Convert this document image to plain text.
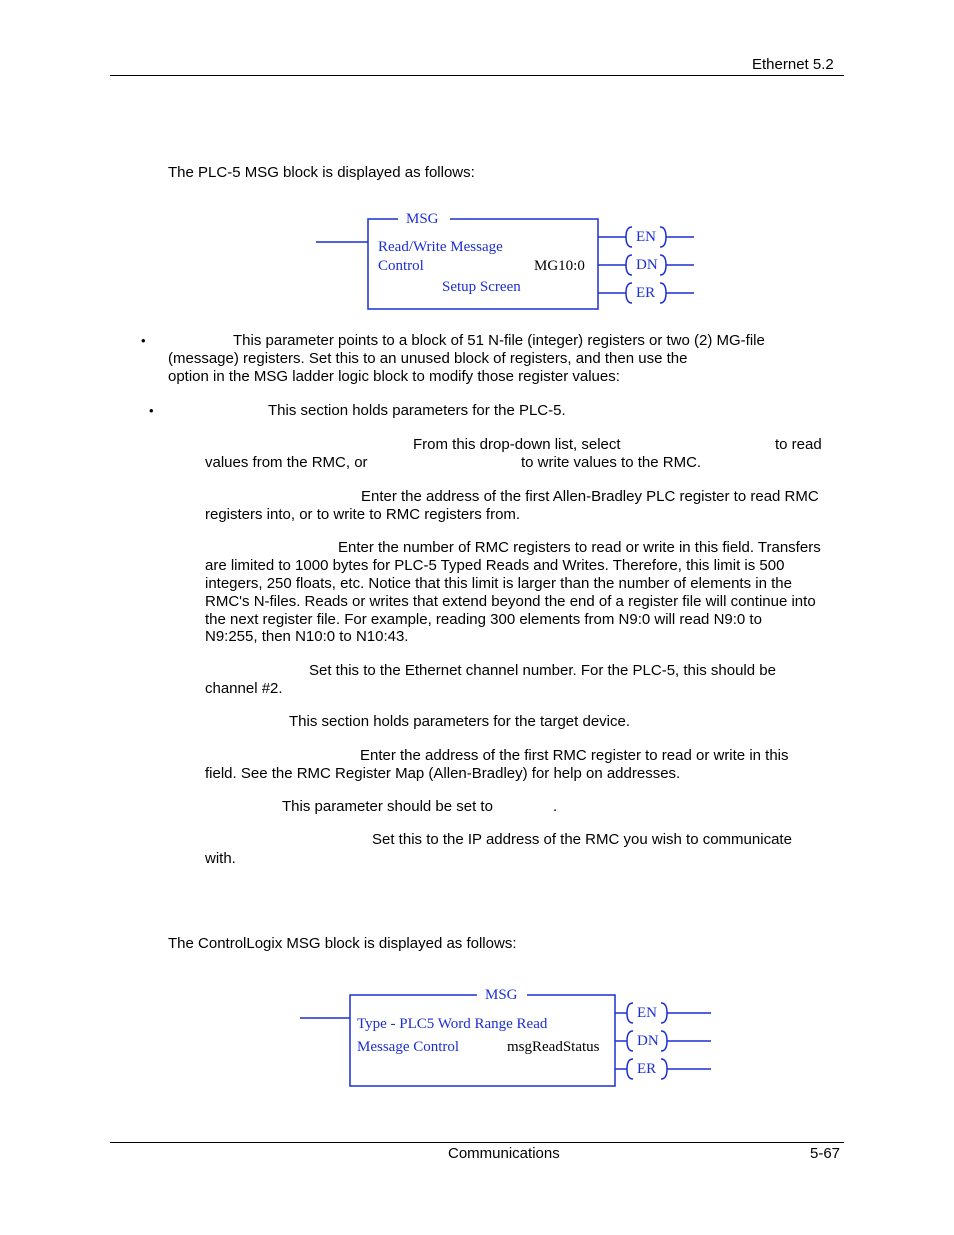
Ethernet 5.2
The PLC-5 MSG block is displayed as follows:
MSG
Read/Write Message
Control	MG10:0
Setup Screen
EN
DN
ER
•	This parameter points to a block of 51 N-file (integer) registers or two (2) MG-file
(message) registers. Set this to an unused block of registers, and then use the
option in the MSG ladder logic block to modify those register values:
•	This section holds parameters for the PLC-5.
From this drop-down list, select	to read
values from the RMC, or	to write values to the RMC.
Enter the address of the first Allen-Bradley PLC register to read RMC
registers into, or to write to RMC registers from.
Enter the number of RMC registers to read or write in this field. Transfers
are limited to 1000 bytes for PLC-5 Typed Reads and Writes. Therefore, this limit is 500
integers, 250 floats, etc. Notice that this limit is larger than the number of elements in the
RMC's N-files. Reads or writes that extend beyond the end of a register file will continue into
the next register file. For example, reading 300 elements from N9:0 will read N9:0 to
N9:255, then N10:0 to N10:43.
Set this to the Ethernet channel number. For the PLC-5, this should be
channel #2.
This section holds parameters for the target device.
Enter the address of the first RMC register to read or write in this
field. See the RMC Register Map (Allen-Bradley) for help on addresses.
This parameter should be set to	.
Set this to the IP address of the RMC you wish to communicate
with.
The ControlLogix MSG block is displayed as follows:
MSG
Type - PLC5 Word Range Read
Message Control	msgReadStatus
EN
DN
ER
Communications	5-67
